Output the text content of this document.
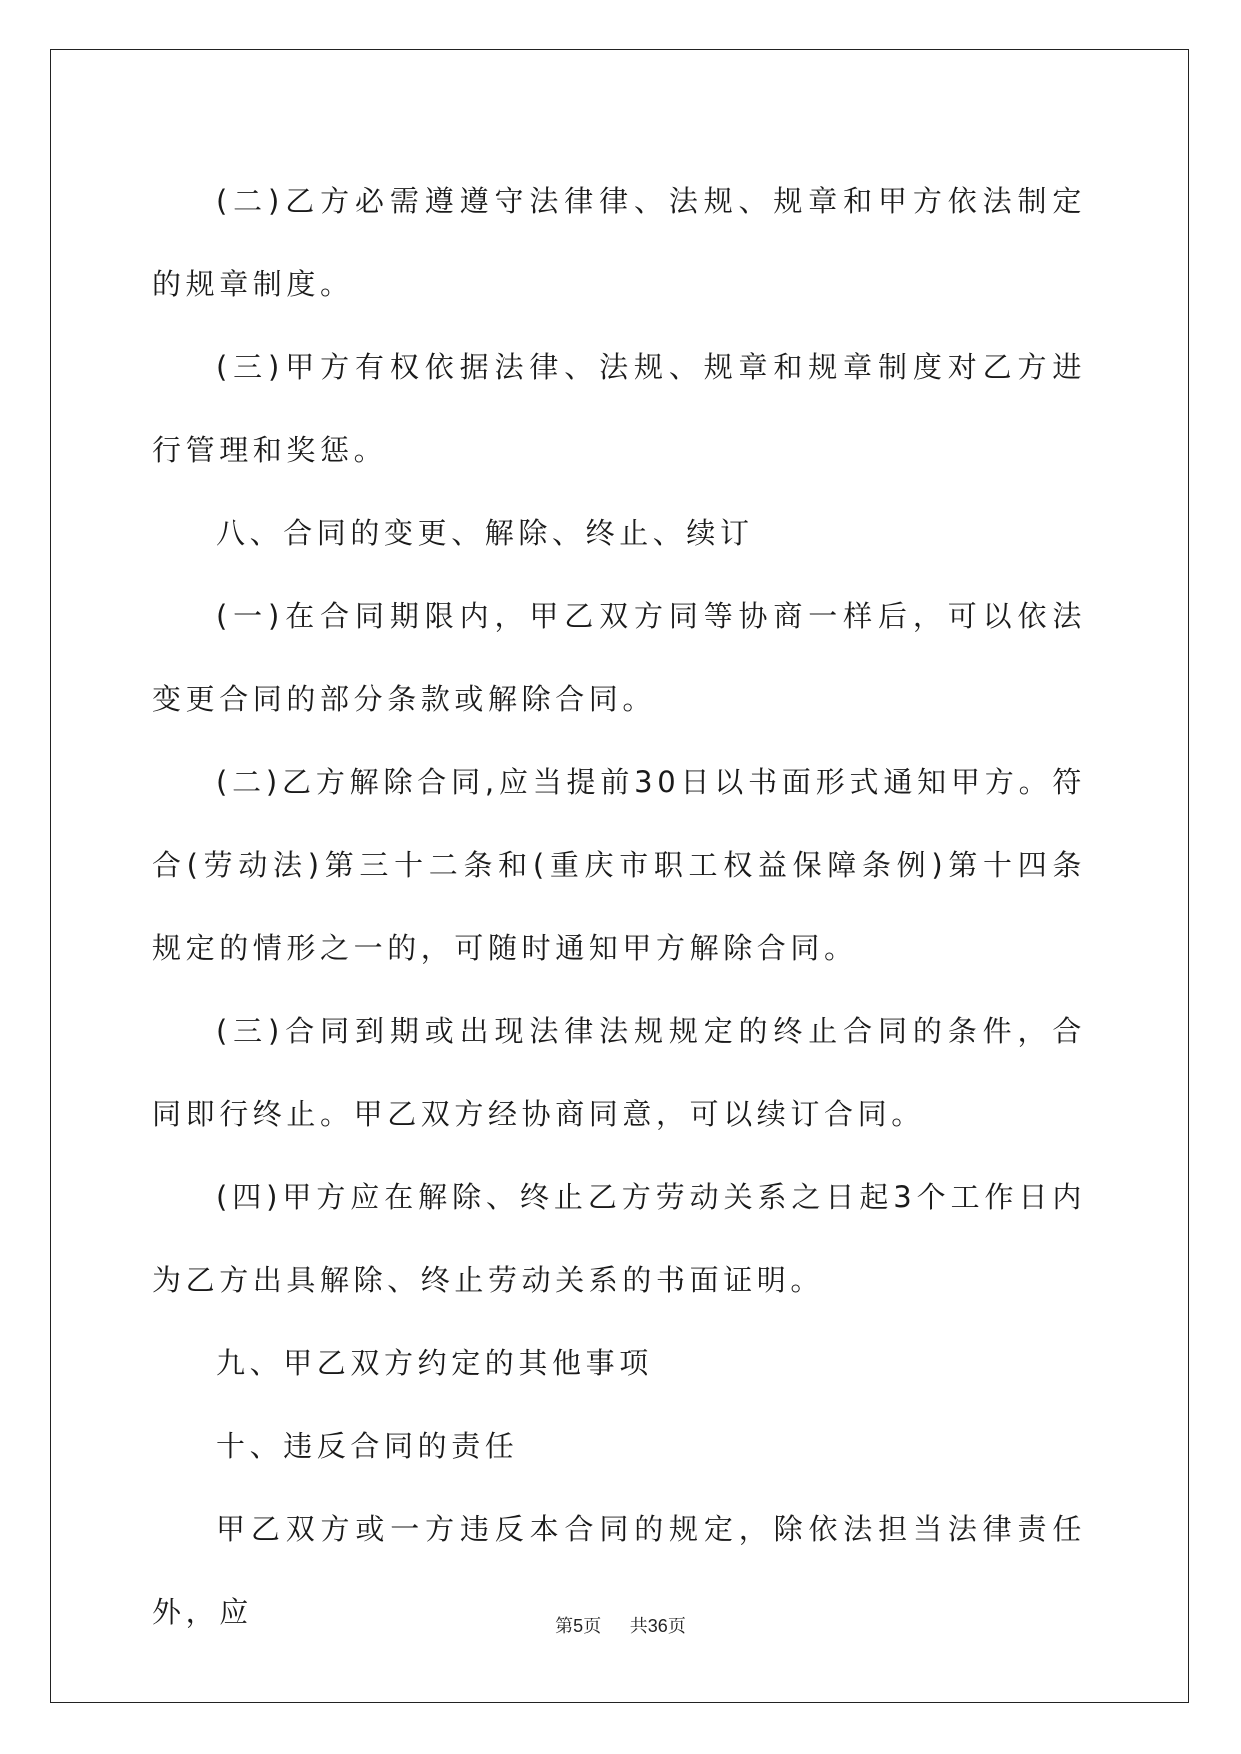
(二)乙方必需遵遵守法律律、法规、规章和甲方依法制定的规章制度。

(三)甲方有权依据法律、法规、规章和规章制度对乙方进行管理和奖惩。

八、合同的变更、解除、终止、续订

(一)在合同期限内，甲乙双方同等协商一样后，可以依法变更合同的部分条款或解除合同。

(二)乙方解除合同,应当提前30日以书面形式通知甲方。符合(劳动法)第三十二条和(重庆市职工权益保障条例)第十四条规定的情形之一的，可随时通知甲方解除合同。

(三)合同到期或出现法律法规规定的终止合同的条件，合同即行终止。甲乙双方经协商同意，可以续订合同。

(四)甲方应在解除、终止乙方劳动关系之日起3个工作日内为乙方出具解除、终止劳动关系的书面证明。

九、甲乙双方约定的其他事项

十、违反合同的责任

甲乙双方或一方违反本合同的规定，除依法担当法律责任外，应	第5页 共36页
